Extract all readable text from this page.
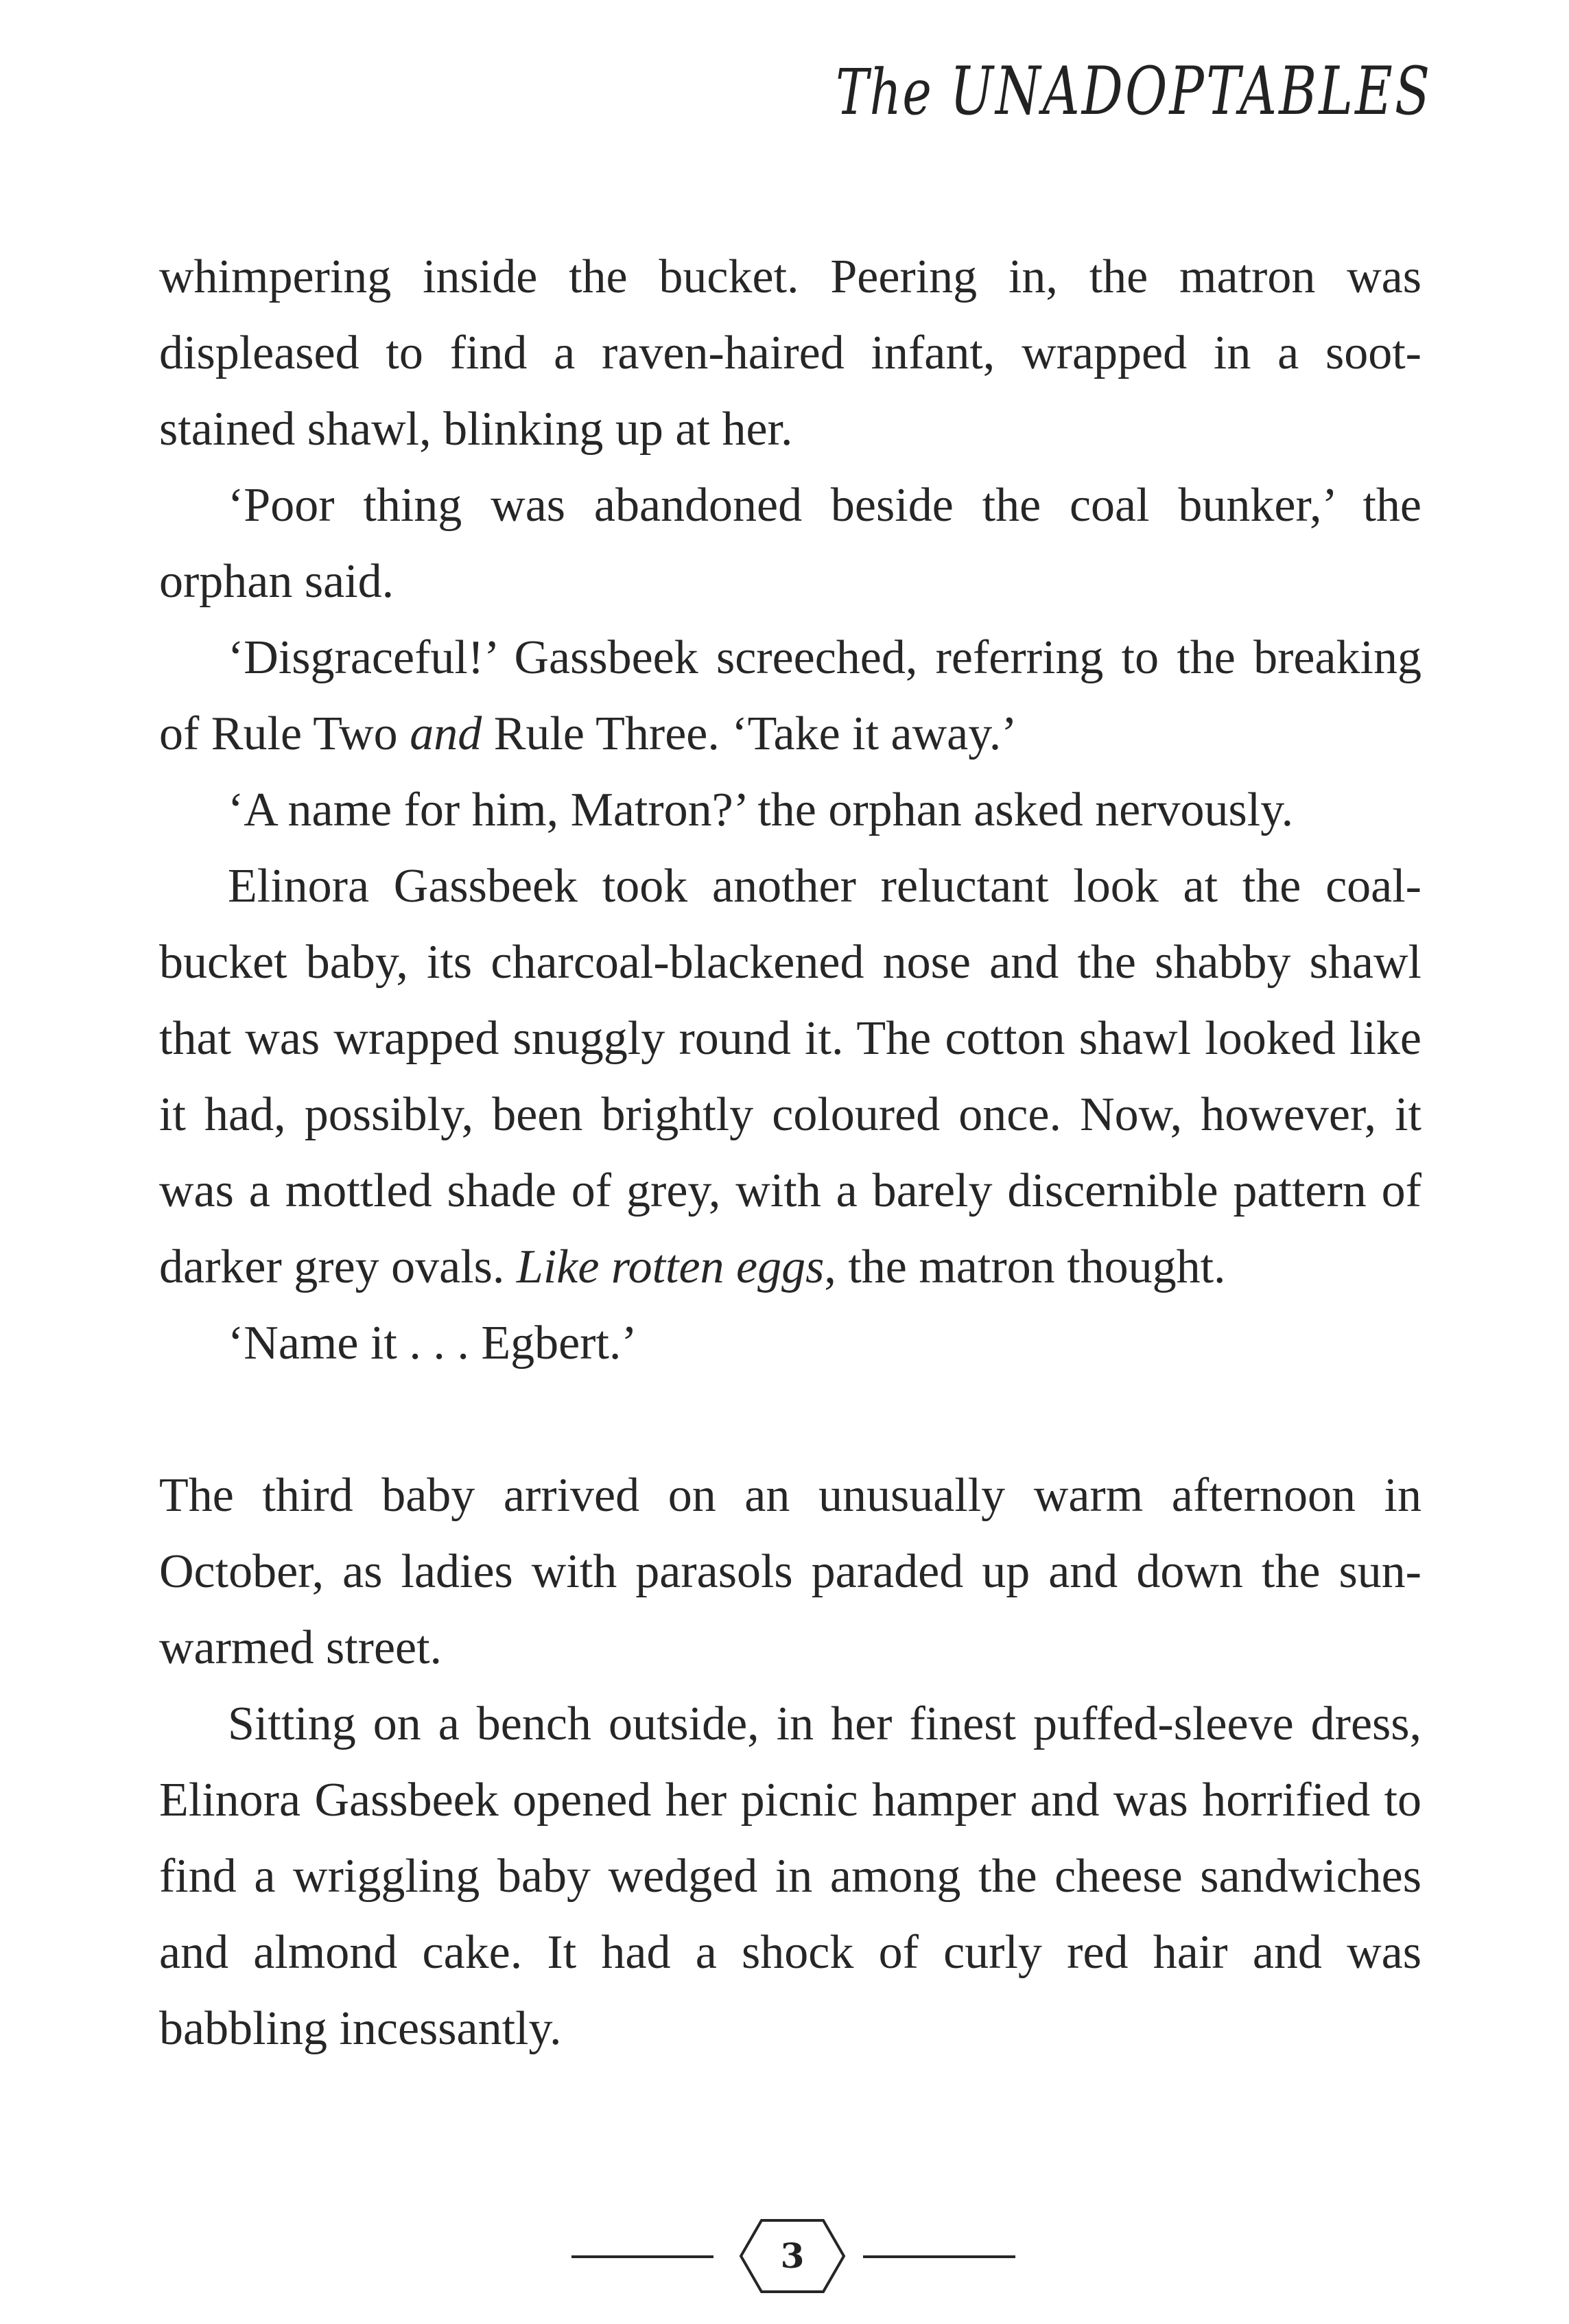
The UNADOPTABLES

whimpering inside the bucket. Peering in, the matron was displeased to find a raven-haired infant, wrapped in a soot-stained shawl, blinking up at her.

‘Poor thing was abandoned beside the coal bunker,’ the orphan said.

‘Disgraceful!’ Gassbeek screeched, referring to the breaking of Rule Two and Rule Three. ‘Take it away.’

‘A name for him, Matron?’ the orphan asked nervously.

Elinora Gassbeek took another reluctant look at the coal-bucket baby, its charcoal-blackened nose and the shabby shawl that was wrapped snuggly round it. The cotton shawl looked like it had, possibly, been brightly coloured once. Now, however, it was a mottled shade of grey, with a barely discernible pattern of darker grey ovals. Like rotten eggs, the matron thought.

‘Name it . . . Egbert.’

The third baby arrived on an unusually warm afternoon in October, as ladies with parasols paraded up and down the sun-warmed street.

Sitting on a bench outside, in her finest puffed-sleeve dress, Elinora Gassbeek opened her picnic hamper and was horrified to find a wriggling baby wedged in among the cheese sandwiches and almond cake. It had a shock of curly red hair and was babbling incessantly.

3
